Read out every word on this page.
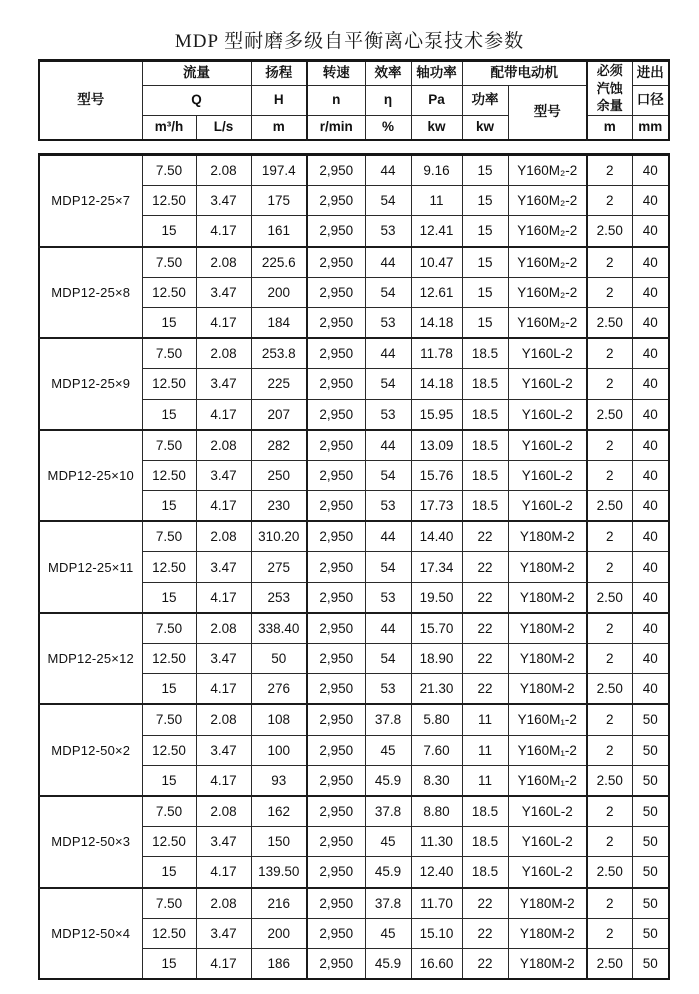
MDP 型耐磨多级自平衡离心泵技术参数
型号	流量		扬程	转速	效率	轴功率	配带电动机		必须汽蚀余量	进出
	Q		H	n	η	Pa	功率	型号		口径
	m³/h	L/s	m	r/min	%	kw	kw		m	mm
MDP12-25×7	7.50	2.08	197.4	2,950	44	9.16	15	Y160M₂-2	2	40
	12.50	3.47	175	2,950	54	11	15	Y160M₂-2	2	40
	15	4.17	161	2,950	53	12.41	15	Y160M₂-2	2.50	40
MDP12-25×8	7.50	2.08	225.6	2,950	44	10.47	15	Y160M₂-2	2	40
	12.50	3.47	200	2,950	54	12.61	15	Y160M₂-2	2	40
	15	4.17	184	2,950	53	14.18	15	Y160M₂-2	2.50	40
MDP12-25×9	7.50	2.08	253.8	2,950	44	11.78	18.5	Y160L-2	2	40
	12.50	3.47	225	2,950	54	14.18	18.5	Y160L-2	2	40
	15	4.17	207	2,950	53	15.95	18.5	Y160L-2	2.50	40
MDP12-25×10	7.50	2.08	282	2,950	44	13.09	18.5	Y160L-2	2	40
	12.50	3.47	250	2,950	54	15.76	18.5	Y160L-2	2	40
	15	4.17	230	2,950	53	17.73	18.5	Y160L-2	2.50	40
MDP12-25×11	7.50	2.08	310.20	2,950	44	14.40	22	Y180M-2	2	40
	12.50	3.47	275	2,950	54	17.34	22	Y180M-2	2	40
	15	4.17	253	2,950	53	19.50	22	Y180M-2	2.50	40
MDP12-25×12	7.50	2.08	338.40	2,950	44	15.70	22	Y180M-2	2	40
	12.50	3.47	50	2,950	54	18.90	22	Y180M-2	2	40
	15	4.17	276	2,950	53	21.30	22	Y180M-2	2.50	40
MDP12-50×2	7.50	2.08	108	2,950	37.8	5.80	11	Y160M₁-2	2	50
	12.50	3.47	100	2,950	45	7.60	11	Y160M₁-2	2	50
	15	4.17	93	2,950	45.9	8.30	11	Y160M₁-2	2.50	50
MDP12-50×3	7.50	2.08	162	2,950	37.8	8.80	18.5	Y160L-2	2	50
	12.50	3.47	150	2,950	45	11.30	18.5	Y160L-2	2	50
	15	4.17	139.50	2,950	45.9	12.40	18.5	Y160L-2	2.50	50
MDP12-50×4	7.50	2.08	216	2,950	37.8	11.70	22	Y180M-2	2	50
	12.50	3.47	200	2,950	45	15.10	22	Y180M-2	2	50
	15	4.17	186	2,950	45.9	16.60	22	Y180M-2	2.50	50
